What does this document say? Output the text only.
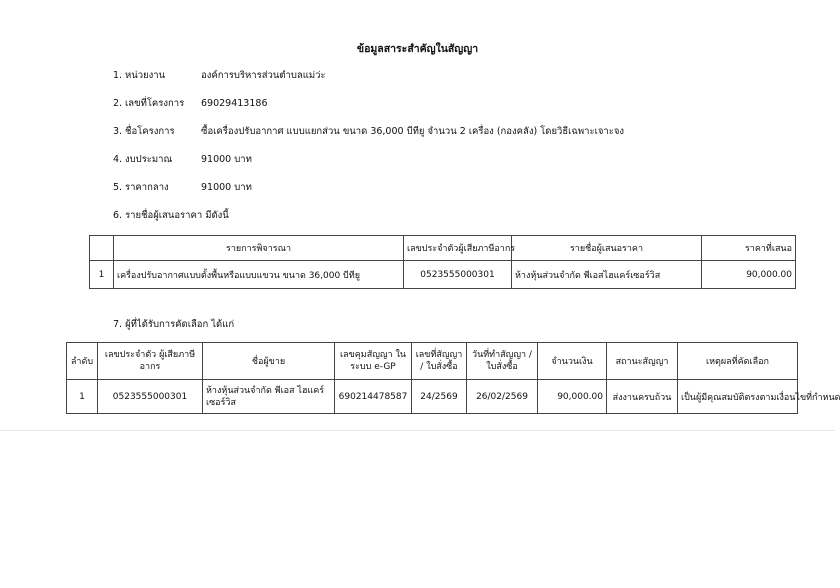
ข้อมูลสาระสำคัญในสัญญา
1. หน่วยงาน	องค์การบริหารส่วนตำบลแม่ว่ะ
2. เลขที่โครงการ 69029413186
3. ชื่อโครงการ	ซื้อเครื่องปรับอากาศ แบบแยกส่วน ขนาด 36,000 บีทียู จำนวน 2 เครื่อง (กองคลัง) โดยวิธีเฉพาะเจาะจง
4. งบประมาณ	91000 บาท
5. ราคากลาง	91000 บาท
6. รายชื่อผู้เสนอราคา มีดังนี้
	รายการพิจารณา	เลขประจำตัวผู้เสียภาษีอากร	รายชื่อผู้เสนอราคา	ราคาที่เสนอ
1	เครื่องปรับอากาศแบบตั้งพื้นหรือแบบแขวน ขนาด 36,000 บีทียู	0523555000301	ห้างหุ้นส่วนจำกัด พีเอสไฮแคร์เซอร์วิส	90,000.00
7. ผู้ที่ได้รับการคัดเลือก ได้แก่
ลำดับ	เลขประจำตัว ผู้เสียภาษีอากร	ชื่อผู้ขาย	เลขคุมสัญญา ในระบบ e-GP	เลขที่สัญญา / ใบสั่งซื้อ	วันที่ทำสัญญา / ใบสั่งซื้อ	จำนวนเงิน	สถานะสัญญา	เหตุผลที่คัดเลือก
1	0523555000301	ห้างหุ้นส่วนจำกัด พีเอส ไฮแคร์เซอร์วิส	690214478587	24/2569	26/02/2569	90,000.00	ส่งงานครบถ้วน	เป็นผู้มีคุณสมบัติตรงตามเงื่อนไขที่กำหนด
